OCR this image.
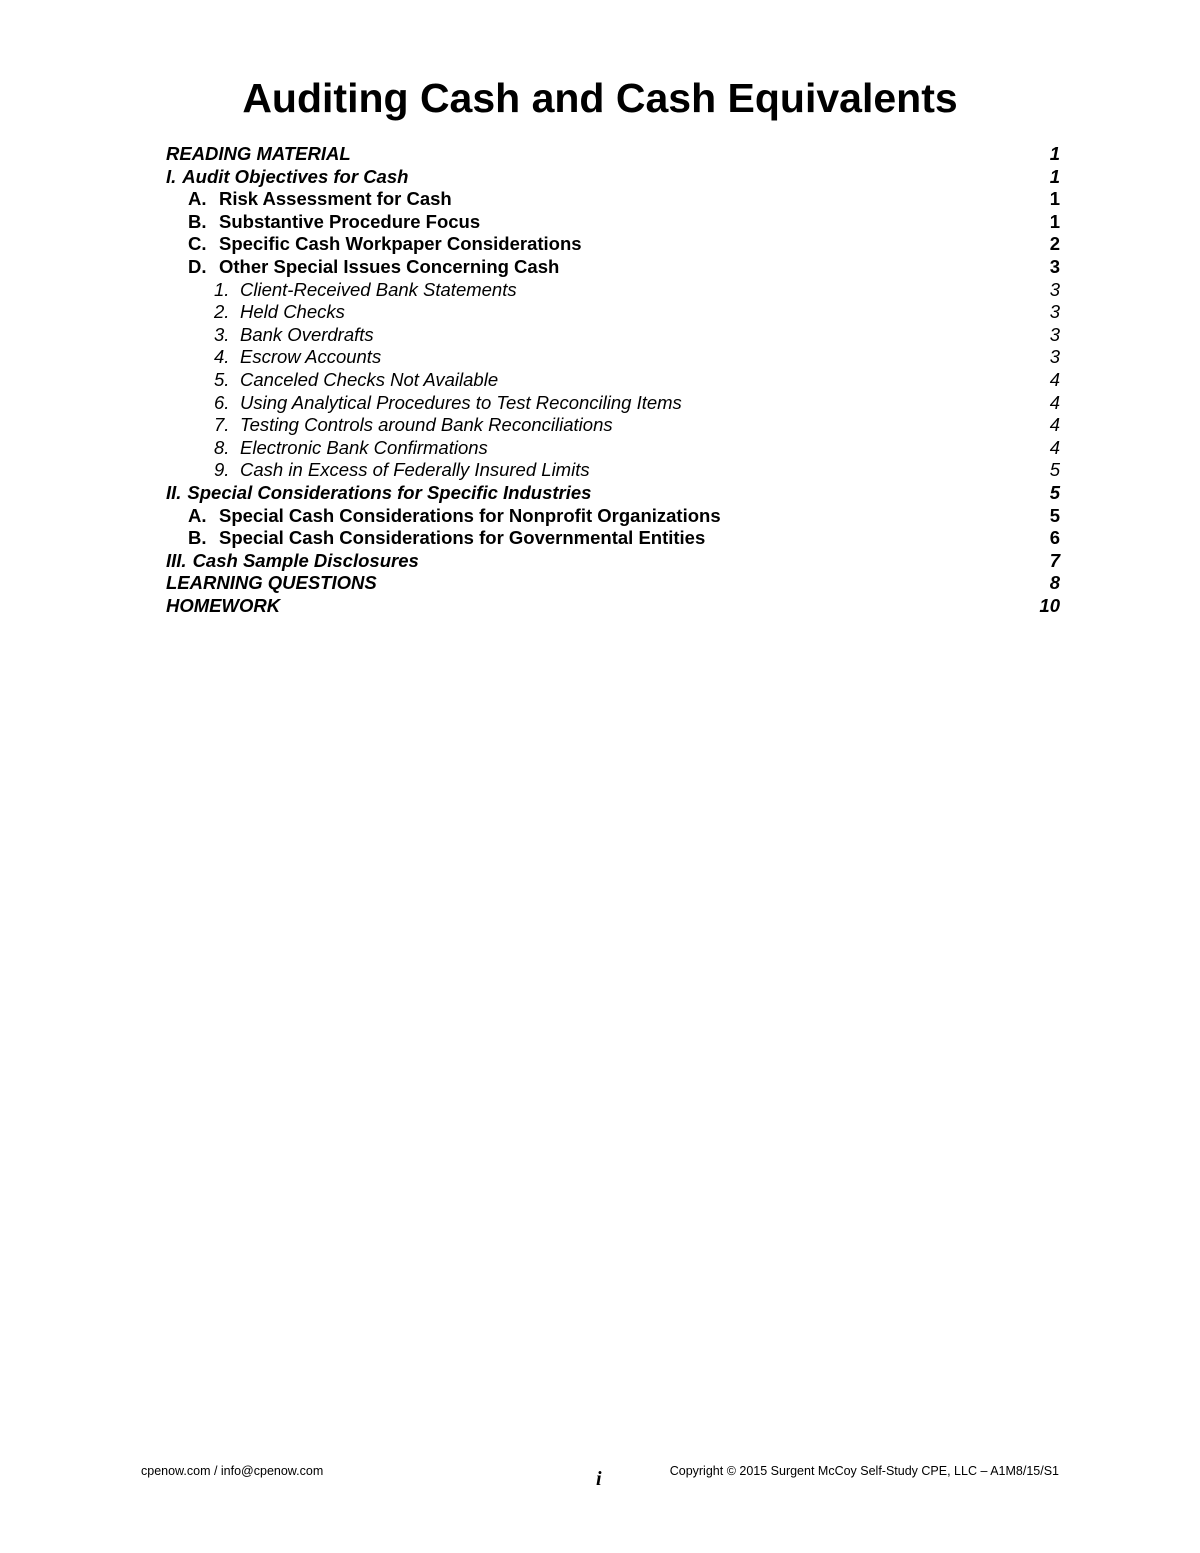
Auditing Cash and Cash Equivalents
READING MATERIAL	1
I. Audit Objectives for Cash	1
A. Risk Assessment for Cash	1
B. Substantive Procedure Focus	1
C. Specific Cash Workpaper Considerations	2
D. Other Special Issues Concerning Cash	3
1. Client-Received Bank Statements	3
2. Held Checks	3
3. Bank Overdrafts	3
4. Escrow Accounts	3
5. Canceled Checks Not Available	4
6. Using Analytical Procedures to Test Reconciling Items	4
7. Testing Controls around Bank Reconciliations	4
8. Electronic Bank Confirmations	4
9. Cash in Excess of Federally Insured Limits	5
II. Special Considerations for Specific Industries	5
A. Special Cash Considerations for Nonprofit Organizations	5
B. Special Cash Considerations for Governmental Entities	6
III. Cash Sample Disclosures	7
LEARNING QUESTIONS	8
HOMEWORK	10
cpenow.com / info@cpenow.com	i	Copyright © 2015 Surgent McCoy Self-Study CPE, LLC – A1M8/15/S1
